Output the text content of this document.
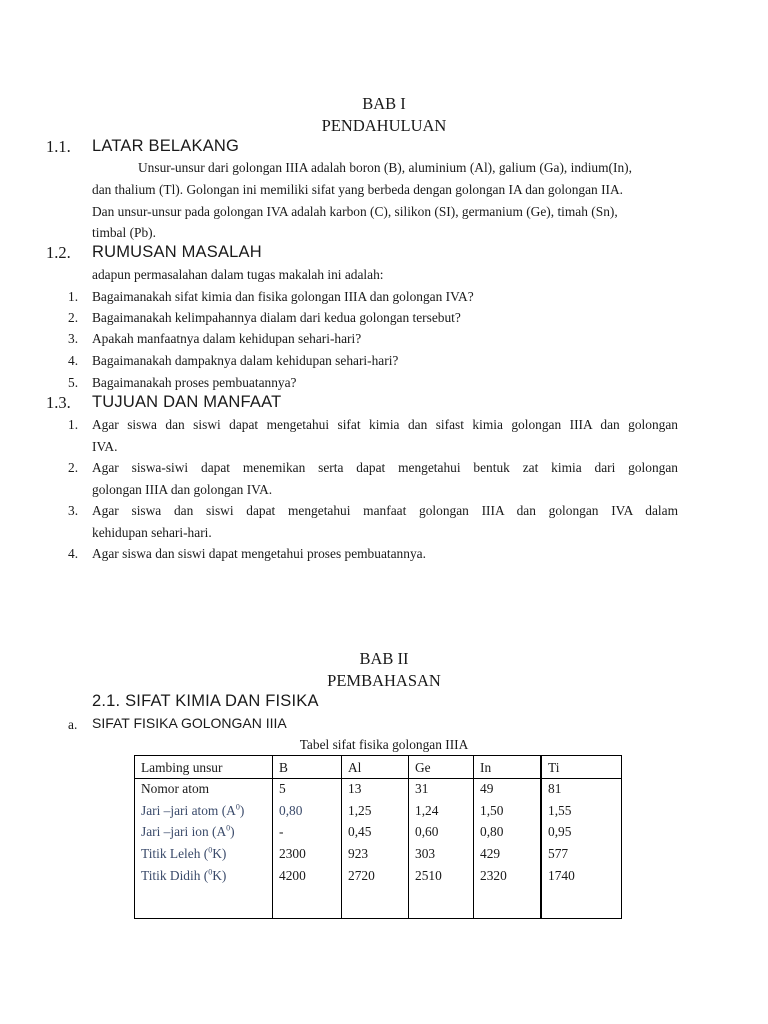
BAB I
PENDAHULUAN
1.1. LATAR BELAKANG
Unsur-unsur dari golongan IIIA adalah boron (B), aluminium (Al), galium (Ga), indium(In),
dan thalium (Tl). Golongan ini memiliki sifat yang berbeda dengan golongan IA dan golongan IIA.
Dan unsur-unsur pada golongan IVA adalah karbon (C), silikon (SI), germanium (Ge), timah (Sn),
timbal (Pb).
1.2. RUMUSAN MASALAH
adapun permasalahan dalam tugas makalah ini adalah:
1. Bagaimanakah sifat kimia dan fisika golongan IIIA dan golongan IVA?
2. Bagaimanakah kelimpahannya dialam dari kedua golongan tersebut?
3. Apakah manfaatnya dalam kehidupan sehari-hari?
4. Bagaimanakah dampaknya dalam kehidupan sehari-hari?
5. Bagaimanakah proses pembuatannya?
1.3. TUJUAN DAN MANFAAT
1. Agar siswa dan siswi dapat mengetahui sifat kimia dan sifast kimia golongan IIIA dan golongan
IVA.
2. Agar siswa-siwi dapat menemikan serta dapat mengetahui bentuk zat kimia dari golongan
golongan IIIA dan golongan IVA.
3. Agar siswa dan siswi dapat mengetahui manfaat golongan IIIA dan golongan IVA dalam
kehidupan sehari-hari.
4. Agar siswa dan siswi dapat mengetahui proses pembuatannya.
BAB II
PEMBAHASAN
2.1. SIFAT KIMIA DAN FISIKA
a. SIFAT FISIKA GOLONGAN IIIA
Tabel sifat fisika golongan IIIA
Lambing unsur	B	Al	Ge	In	Ti
Nomor atom	5	13	31	49	81
Jari –jari atom $(A^0)$	0,80	1,25	1,24	1,50	1,55
Jari –jari ion $(A^0)$	-	0,45	0,60	0,80	0,95
Titik Leleh ($^0$K)	2300	923	303	429	577
Titik Didih ($^0$K)	4200	2720	2510	2320	1740
